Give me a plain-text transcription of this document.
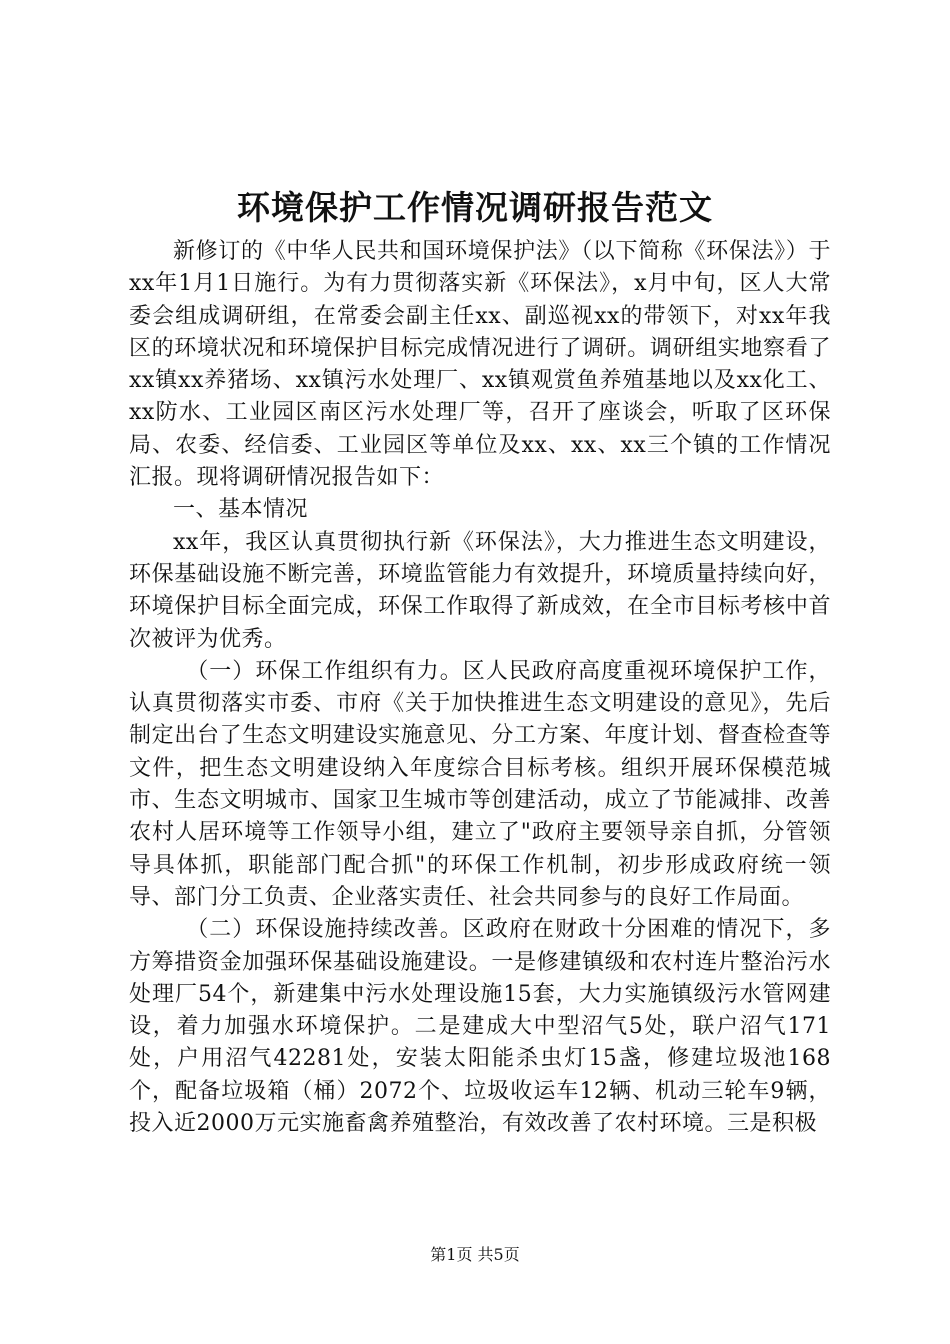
环境保护工作情况调研报告范文

新修订的《中华人民共和国环境保护法》（以下简称《环保法》）于xx年1月1日施行。为有力贯彻落实新《环保法》，x月中旬，区人大常委会组成调研组，在常委会副主任xx、副巡视xx的带领下，对xx年我区的环境状况和环境保护目标完成情况进行了调研。调研组实地察看了xx镇xx养猪场、xx镇污水处理厂、xx镇观赏鱼养殖基地以及xx化工、xx防水、工业园区南区污水处理厂等，召开了座谈会，听取了区环保局、农委、经信委、工业园区等单位及xx、xx、xx三个镇的工作情况汇报。现将调研情况报告如下：

一、基本情况

xx年，我区认真贯彻执行新《环保法》，大力推进生态文明建设，环保基础设施不断完善，环境监管能力有效提升，环境质量持续向好，环境保护目标全面完成，环保工作取得了新成效，在全市目标考核中首次被评为优秀。

（一）环保工作组织有力。区人民政府高度重视环境保护工作，认真贯彻落实市委、市府《关于加快推进生态文明建设的意见》，先后制定出台了生态文明建设实施意见、分工方案、年度计划、督查检查等文件，把生态文明建设纳入年度综合目标考核。组织开展环保模范城市、生态文明城市、国家卫生城市等创建活动，成立了节能减排、改善农村人居环境等工作领导小组，建立了"政府主要领导亲自抓，分管领导具体抓，职能部门配合抓"的环保工作机制，初步形成政府统一领导、部门分工负责、企业落实责任、社会共同参与的良好工作局面。

（二）环保设施持续改善。区政府在财政十分困难的情况下，多方筹措资金加强环保基础设施建设。一是修建镇级和农村连片整治污水处理厂54个，新建集中污水处理设施15套，大力实施镇级污水管网建设，着力加强水环境保护。二是建成大中型沼气5处，联户沼气171处，户用沼气42281处，安装太阳能杀虫灯15盏，修建垃圾池168个，配备垃圾箱（桶）2072个、垃圾收运车12辆、机动三轮车9辆，投入近2000万元实施畜禽养殖整治，有效改善了农村环境。三是积极

第1页 共5页
